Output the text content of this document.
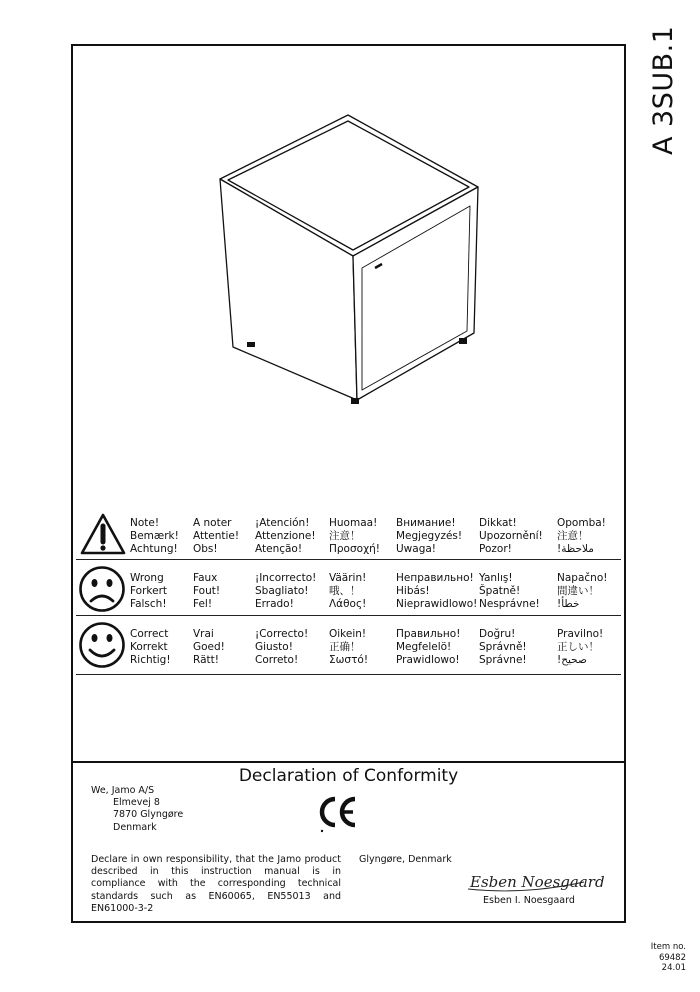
Note!
Bemærk!
Achtung!
A noter
Attentie!
Obs!
¡Atención!
Attenzione!
Atenção!
Huomaa!
注意！
Προσοχή!
Внимание!
Megjegyzés!
Uwaga!
Dikkat!
Upozornění!
Pozor!
Opomba!
注意！
!ملاحظة
Wrong
Forkert
Falsch!
Faux
Fout!
Fel!
¡Incorrecto!
Sbagliato!
Errado!
Väärin!
哦、！
Λάθος!
Неправильно!
Hibás!
Nieprawidlowo!
Yanlış!
Špatně!
Nesprávne!
Napačno!
間違い！
!خطأ
Correct
Korrekt
Richtig!
Vrai
Goed!
Rätt!
¡Correcto!
Giusto!
Correto!
Oikein!
正确！
Σωστό!
Правильно!
Megfelelö!
Prawidlowo!
Doğru!
Správně!
Správne!
Pravilno!
正しい！
!صحيح
Declaration of Conformity
We, Jamo A/S
Elmevej 8
7870 Glyngøre
Denmark
Declare in own responsibility, that the Jamo product described in this instruction manual is in compliance with the corresponding technical standards such as EN60065, EN55013 and EN61000-3-2
Glyngøre, Denmark
Esben Noesgaard
Esben I. Noesgaard
A 3SUB.1
Item no.
69482
24.01
